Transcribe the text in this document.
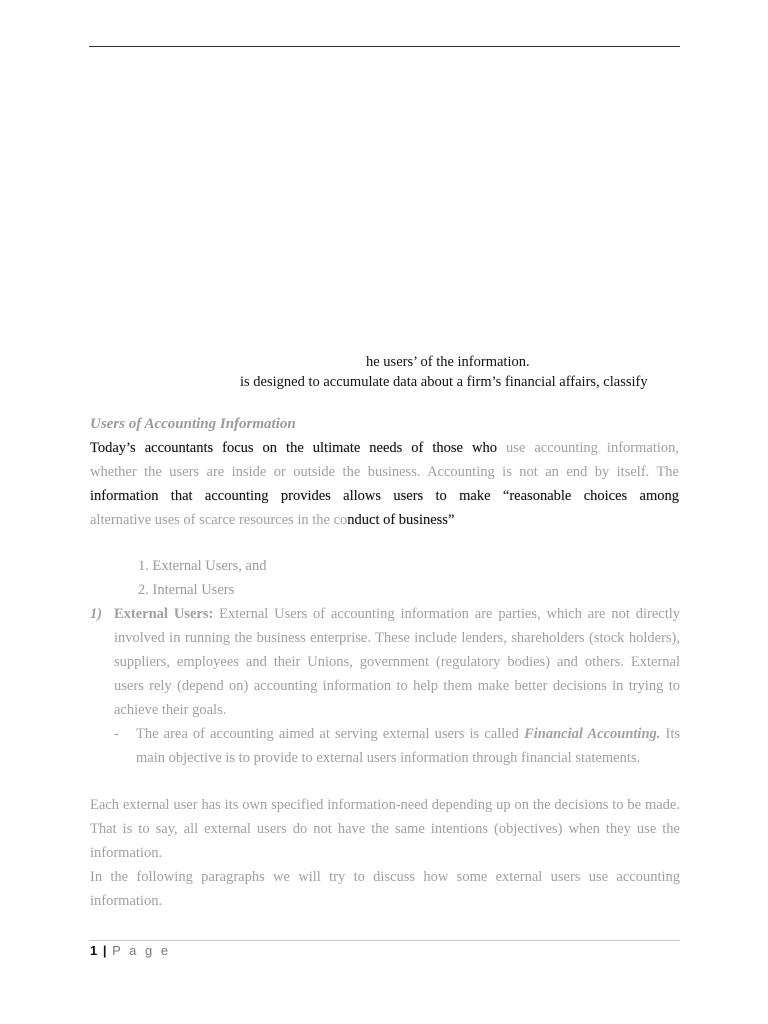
he users’ of the information.
is designed to accumulate data about a firm’s financial affairs, classify
Users of Accounting Information
Today’s accountants focus on the ultimate needs of those who use accounting information,
whether the users are inside or outside the business. Accounting is not an end by itself. The
information that accounting provides allows users to make “reasonable choices among
alternative uses of scarce resources in the conduct of business”
1. External Users, and
2. Internal Users
1) External Users: External Users of accounting information are parties, which are not directly involved in running the business enterprise. These include lenders, shareholders (stock holders), suppliers, employees and their Unions, government (regulatory bodies) and others. External users rely (depend on) accounting information to help them make better decisions in trying to achieve their goals.
- The area of accounting aimed at serving external users is called Financial Accounting. Its main objective is to provide to external users information through financial statements.
Each external user has its own specified information-need depending up on the decisions to be made. That is to say, all external users do not have the same intentions (objectives) when they use the information.
In the following paragraphs we will try to discuss how some external users use accounting information.
1 | P a g e
